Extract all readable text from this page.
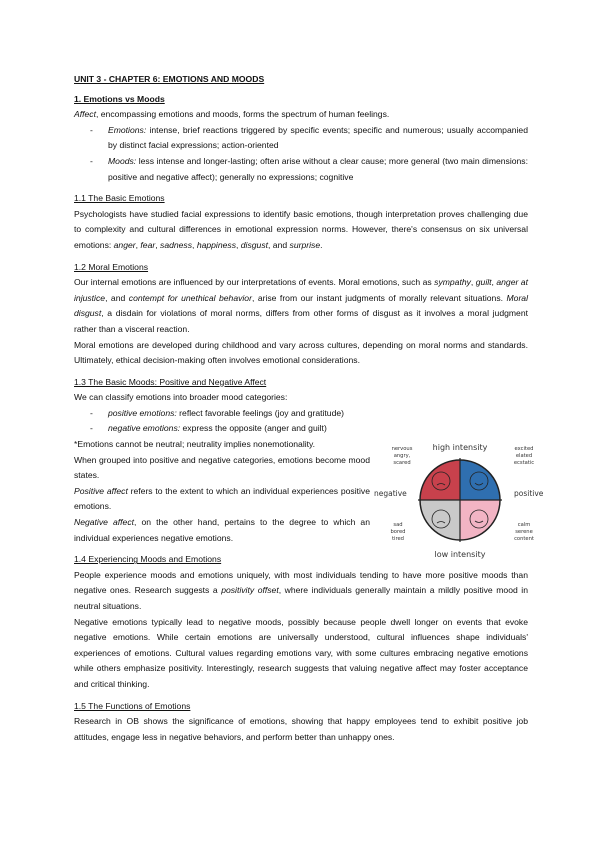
UNIT 3 - CHAPTER 6: EMOTIONS AND MOODS
1. Emotions vs Moods

Affect, encompassing emotions and moods, forms the spectrum of human feelings.

- Emotions: intense, brief reactions triggered by specific events; specific and numerous; usually accompanied by distinct facial expressions; action-oriented
- Moods: less intense and longer-lasting; often arise without a clear cause; more general (two main dimensions: positive and negative affect); generally no expressions; cognitive
1.1 The Basic Emotions

Psychologists have studied facial expressions to identify basic emotions, though interpretation proves challenging due to complexity and cultural differences in emotional expression norms. However, there's consensus on six universal emotions: anger, fear, sadness, happiness, disgust, and surprise.

1.2 Moral Emotions

Our internal emotions are influenced by our interpretations of events. Moral emotions, such as sympathy, guilt, anger at injustice, and contempt for unethical behavior, arise from our instant judgments of morally relevant situations. Moral disgust, a disdain for violations of moral norms, differs from other forms of disgust as it involves a moral judgment rather than a visceral reaction.

Moral emotions are developed during childhood and vary across cultures, depending on moral norms and standards. Ultimately, ethical decision-making often involves emotional considerations.

1.3 The Basic Moods: Positive and Negative Affect

We can classify emotions into broader mood categories:

- positive emotions: reflect favorable feelings (joy and gratitude)
- negative emotions: express the opposite (anger and guilt)

*Emotions cannot be neutral; neutrality implies nonemotionality.

When grouped into positive and negative categories, emotions become mood states.

Positive affect refers to the extent to which an individual experiences positive emotions.

Negative affect, on the other hand, pertains to the degree to which an individual experiences negative emotions.

1.4 Experiencing Moods and Emotions

People experience moods and emotions uniquely, with most individuals tending to have more positive moods than negative ones. Research suggests a positivity offset, where individuals generally maintain a mildly positive mood in neutral situations.

Negative emotions typically lead to negative moods, possibly because people dwell longer on events that evoke negative emotions. While certain emotions are universally understood, cultural influences shape individuals' experiences of emotions. Cultural values regarding emotions vary, with some cultures embracing negative emotions while others emphasize positivity. Interestingly, research suggests that valuing negative affect may foster acceptance and critical thinking.

1.5 The Functions of Emotions

Research in OB shows the significance of emotions, showing that happy employees tend to exhibit positive job attitudes, engage less in negative behaviors, and perform better than unhappy ones.

high intensity
low intensity
negative	positive
nervous
angry,
scared
excited
elated
ecstatic
sad
bored
tired
calm
serene
content
